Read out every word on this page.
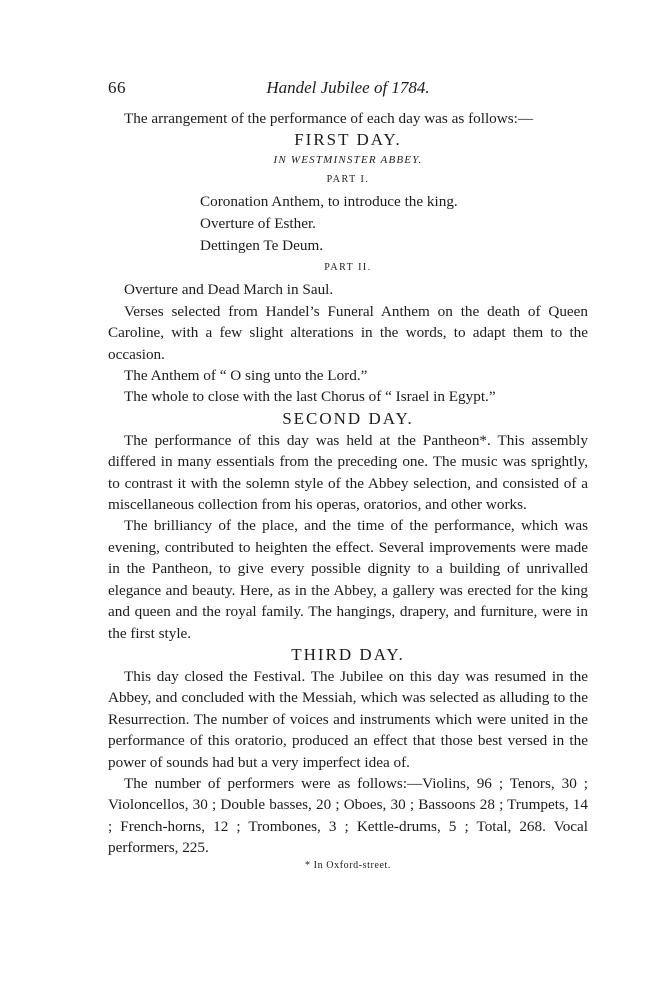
66	Handel Jubilee of 1784.

The arrangement of the performance of each day was as follows:—

FIRST DAY.

IN WESTMINSTER ABBEY.

PART I.

Coronation Anthem, to introduce the king.
Overture of Esther.
Dettingen Te Deum.

PART II.

Overture and Dead March in Saul.

Verses selected from Handel’s Funeral Anthem on the death of Queen Caroline, with a few slight alterations in the words, to adapt them to the occasion.

The Anthem of “ O sing unto the Lord.”

The whole to close with the last Chorus of “ Israel in Egypt.”

SECOND DAY.

The performance of this day was held at the Pantheon*. This assembly differed in many essentials from the preceding one. The music was sprightly, to contrast it with the solemn style of the Abbey selection, and consisted of a miscellaneous collection from his operas, oratorios, and other works.

The brilliancy of the place, and the time of the performance, which was evening, contributed to heighten the effect. Several improvements were made in the Pantheon, to give every possible dignity to a building of unrivalled elegance and beauty. Here, as in the Abbey, a gallery was erected for the king and queen and the royal family. The hangings, drapery, and furniture, were in the first style.

THIRD DAY.

This day closed the Festival. The Jubilee on this day was resumed in the Abbey, and concluded with the Messiah, which was selected as alluding to the Resurrection. The number of voices and instruments which were united in the performance of this oratorio, produced an effect that those best versed in the power of sounds had but a very imperfect idea of.

The number of performers were as follows:—Violins, 96 ; Tenors, 30 ; Violoncellos, 30 ; Double basses, 20 ; Oboes, 30 ; Bassoons 28 ; Trumpets, 14 ; French-horns, 12 ; Trombones, 3 ; Kettle-drums, 5 ; Total, 268. Vocal performers, 225.

* In Oxford-street.
